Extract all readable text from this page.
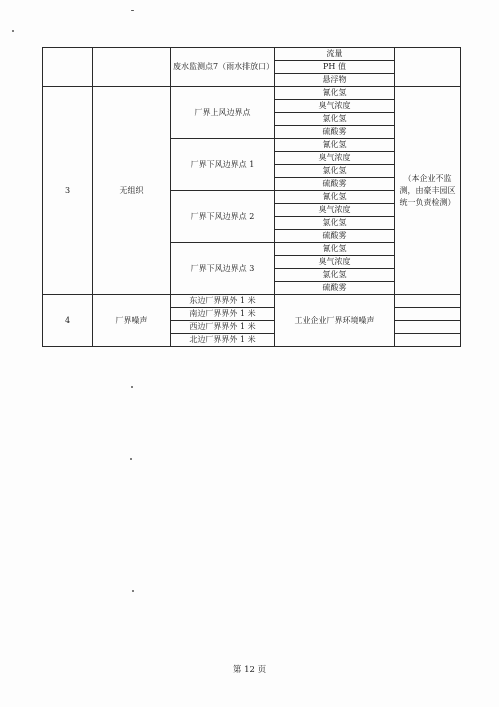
		废水监测点7（雨水排放口）	流量	
			PH 值	
			悬浮物	
3	无组织	厂界上风边界点	氰化氢	（本企业不监测，由豪丰园区统一负责检测）
			臭气浓度	
			氯化氢	
			硫酸雾	
		厂界下风边界点 1	氰化氢	
			臭气浓度	
			氯化氢	
			硫酸雾	
		厂界下风边界点 2	氰化氢	
			臭气浓度	
			氯化氢	
			硫酸雾	
		厂界下风边界点 3	氰化氢	
			臭气浓度	
			氯化氢	
			硫酸雾	
4	厂界噪声	东边厂界界外 1 米	工业企业厂界环境噪声	
		南边厂界界外 1 米		
		西边厂界界外 1 米		
		北边厂界界外 1 米		
第 12 页
